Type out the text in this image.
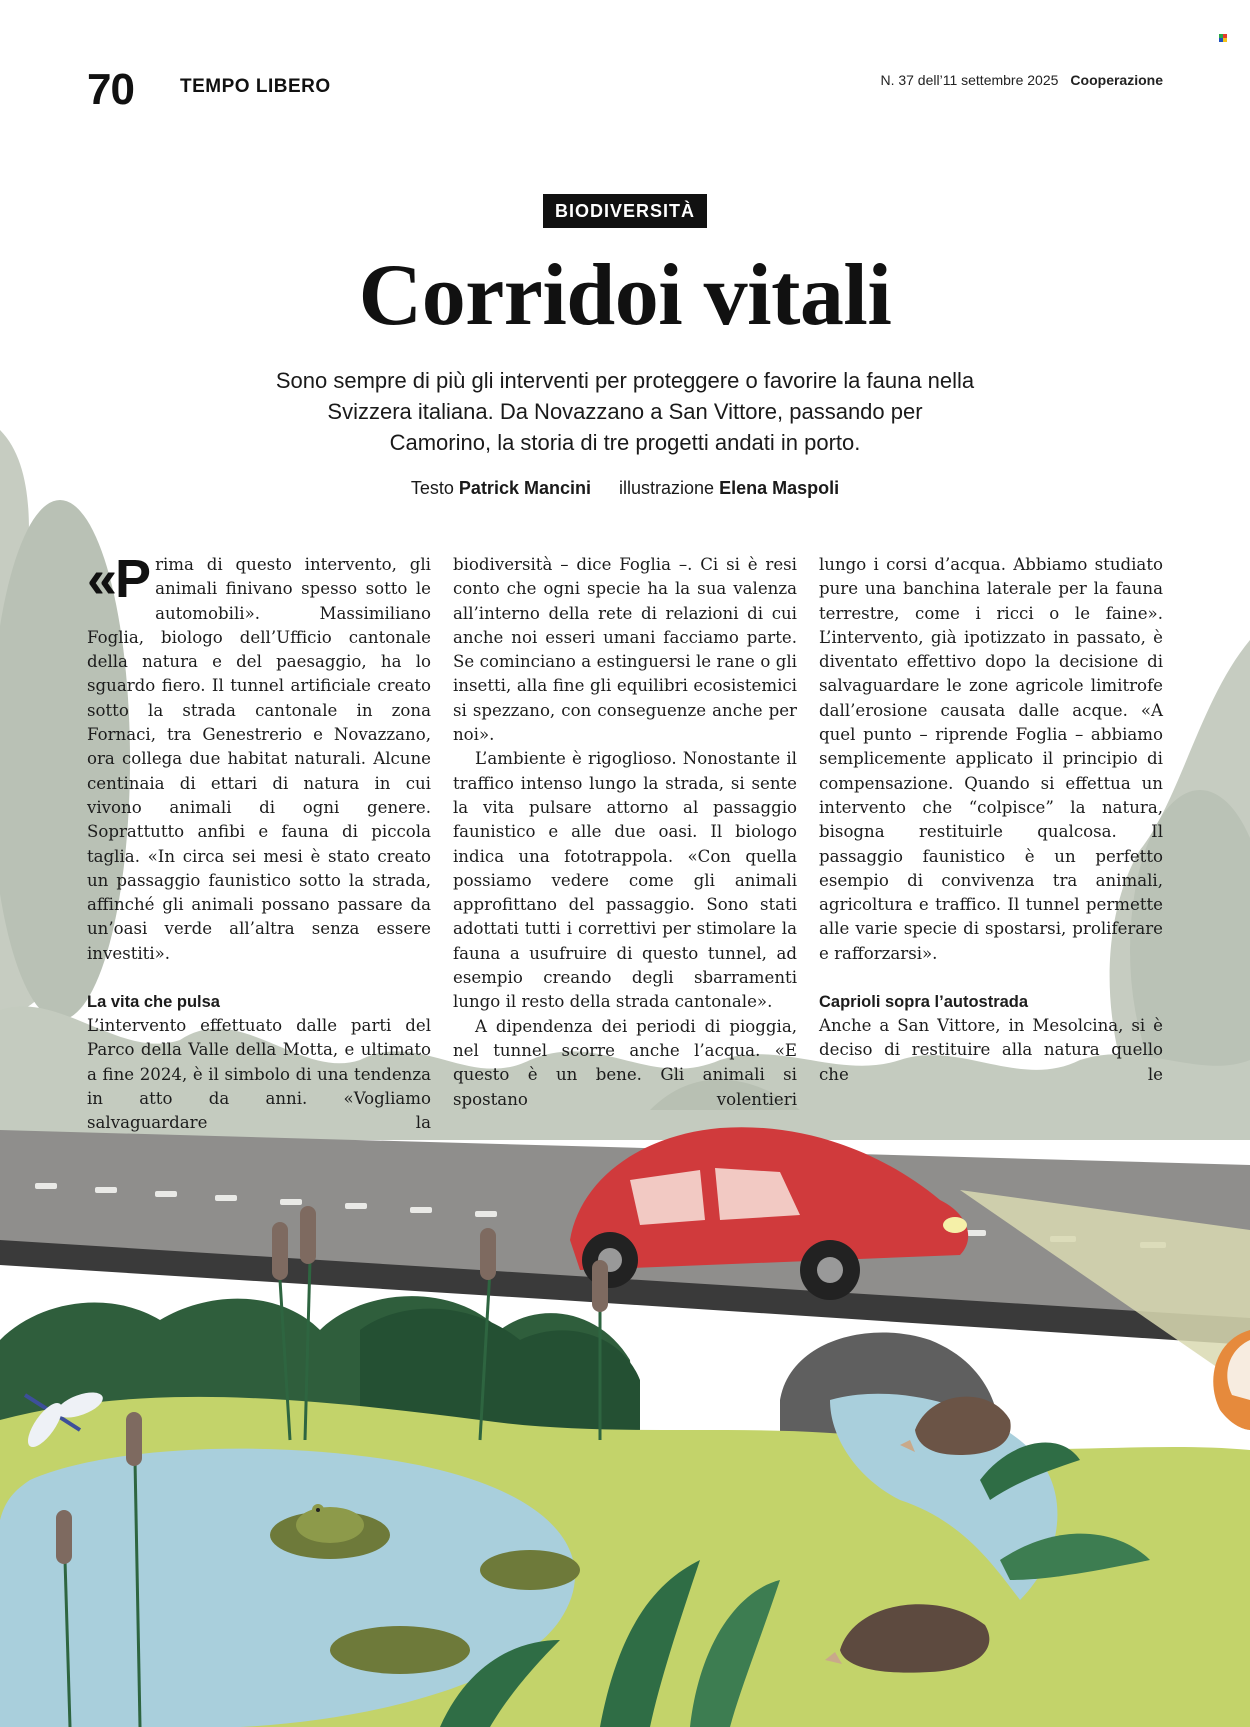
70 TEMPO LIBERO	N. 37 dell’11 settembre 2025 Cooperazione
BIODIVERSITÀ
Corridoi vitali

Sono sempre di più gli interventi per proteggere o favorire la fauna nella Svizzera italiana. Da Novazzano a San Vittore, passando per Camorino, la storia di tre progetti andati in porto.

Testo Patrick Mancini illustrazione Elena Maspoli

«Prima di questo intervento, gli animali finivano spesso sotto le automobili». Massimiliano Foglia, biologo dell’Ufficio cantonale della natura e del paesaggio, ha lo sguardo fiero. Il tunnel artificiale creato sotto la strada cantonale in zona Fornaci, tra Genestrerio e Novazzano, ora collega due habitat naturali. Alcune centinaia di ettari di natura in cui vivono animali di ogni genere. Soprattutto anfibi e fauna di piccola taglia. «In circa sei mesi è stato creato un passaggio faunistico sotto la strada, affinché gli animali possano passare da un’oasi verde all’altra senza essere investiti».

La vita che pulsa

L’intervento effettuato dalle parti del Parco della Valle della Motta, e ultimato a fine 2024, è il simbolo di una tendenza in atto da anni. «Vogliamo salvaguardare la

biodiversità – dice Foglia –. Ci si è resi conto che ogni specie ha la sua valenza all’interno della rete di relazioni di cui anche noi esseri umani facciamo parte. Se cominciano a estinguersi le rane o gli insetti, alla fine gli equilibri ecosistemici si spezzano, con conseguenze anche per noi».

L’ambiente è rigoglioso. Nonostante il traffico intenso lungo la strada, si sente la vita pulsare attorno al passaggio faunistico e alle due oasi. Il biologo indica una fototrappola. «Con quella possiamo vedere come gli animali approfittano del passaggio. Sono stati adottati tutti i correttivi per stimolare la fauna a usufruire di questo tunnel, ad esempio creando degli sbarramenti lungo il resto della strada cantonale».

A dipendenza dei periodi di pioggia, nel tunnel scorre anche l’acqua. «E questo è un bene. Gli animali si spostano volentieri

lungo i corsi d’acqua. Abbiamo studiato pure una banchina laterale per la fauna terrestre, come i ricci o le faine». L’intervento, già ipotizzato in passato, è diventato effettivo dopo la decisione di salvaguardare le zone agricole limitrofe dall’erosione causata dalle acque. «A quel punto – riprende Foglia – abbiamo semplicemente applicato il principio di compensazione. Quando si effettua un intervento che “colpisce” la natura, bisogna restituirle qualcosa. Il passaggio faunistico è un perfetto esempio di convivenza tra animali, agricoltura e traffico. Il tunnel permette alle varie specie di spostarsi, proliferare e rafforzarsi».

Caprioli sopra l’autostrada

Anche a San Vittore, in Mesolcina, si è deciso di restituire alla natura quello che le
